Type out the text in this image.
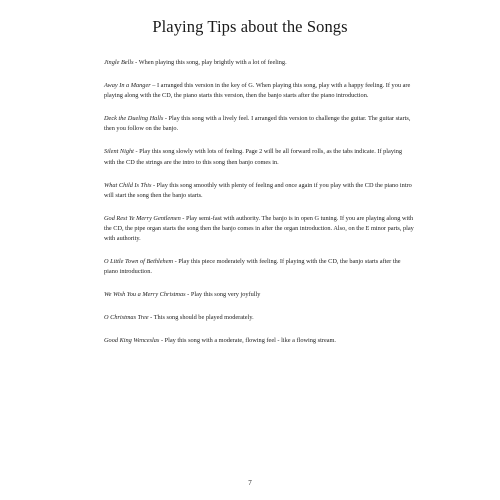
Playing Tips about the Songs

Jingle Bells - When playing this song, play brightly with a lot of feeling.

Away In a Manger – I arranged this version in the key of G. When playing this song, play with a happy feeling. If you are playing along with the CD, the piano starts this version, then the banjo starts after the piano introduction.

Deck the Dueling Halls - Play this song with a lively feel. I arranged this version to challenge the guitar. The guitar starts, then you follow on the banjo.

Silent Night - Play this song slowly with lots of feeling. Page 2 will be all forward rolls, as the tabs indicate. If playing with the CD the strings are the intro to this song then banjo comes in.

What Child Is This - Play this song smoothly with plenty of feeling and once again if you play with the CD the piano intro will start the song then the banjo starts.

God Rest Ye Merry Gentlemen - Play semi-fast with authority. The banjo is in open G tuning. If you are playing along with the CD, the pipe organ starts the song then the banjo comes in after the organ introduction. Also, on the E minor parts, play with authority.

O Little Town of Bethlehem - Play this piece moderately with feeling. If playing with the CD, the banjo starts after the piano introduction.

We Wish You a Merry Christmas - Play this song very joyfully

O Christmas Tree - This song should be played moderately.

Good King Wenceslas - Play this song with a moderate, flowing feel - like a flowing stream.

7
